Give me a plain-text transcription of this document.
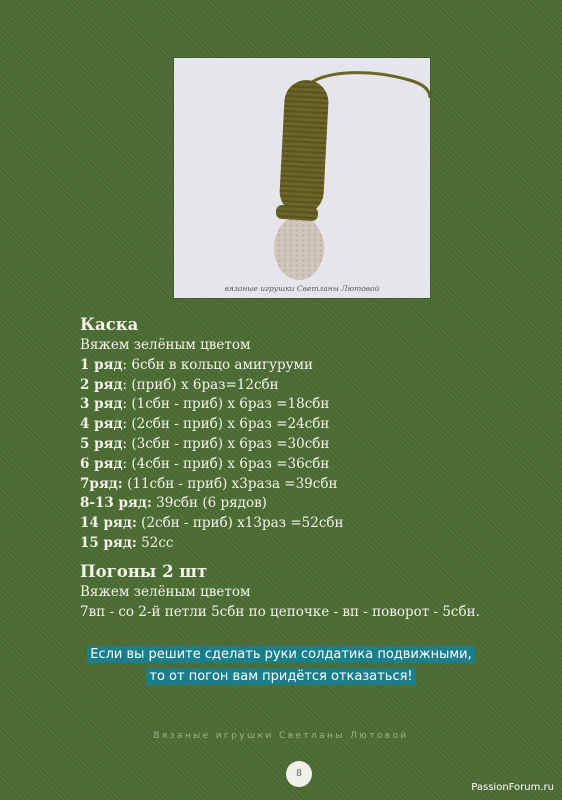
вязаные игрушки Светланы Лютовой
Каска
Вяжем зелёным цветом
1 ряд: 6сбн в кольцо амигуруми
2 ряд: (приб) х 6раз=12сбн
3 ряд: (1сбн - приб) х 6раз =18сбн
4 ряд: (2сбн - приб) х 6раз =24сбн
5 ряд: (3сбн - приб) х 6раз =30сбн
6 ряд: (4сбн - приб) х 6раз =36сбн
7ряд: (11сбн - приб) х3раза =39сбн
8-13 ряд: 39сбн (6 рядов)
14 ряд: (2сбн - приб) х13раз =52сбн
15 ряд: 52сс
Погоны 2 шт
Вяжем зелёным цветом
7вп - со 2-й петли 5сбн по цепочке - вп - поворот - 5сбн.
Если вы решите сделать руки солдатика подвижными,
то от погон вам придётся отказаться!
Вязаные игрушки Светланы Лютовой
8
PassionForum.ru
